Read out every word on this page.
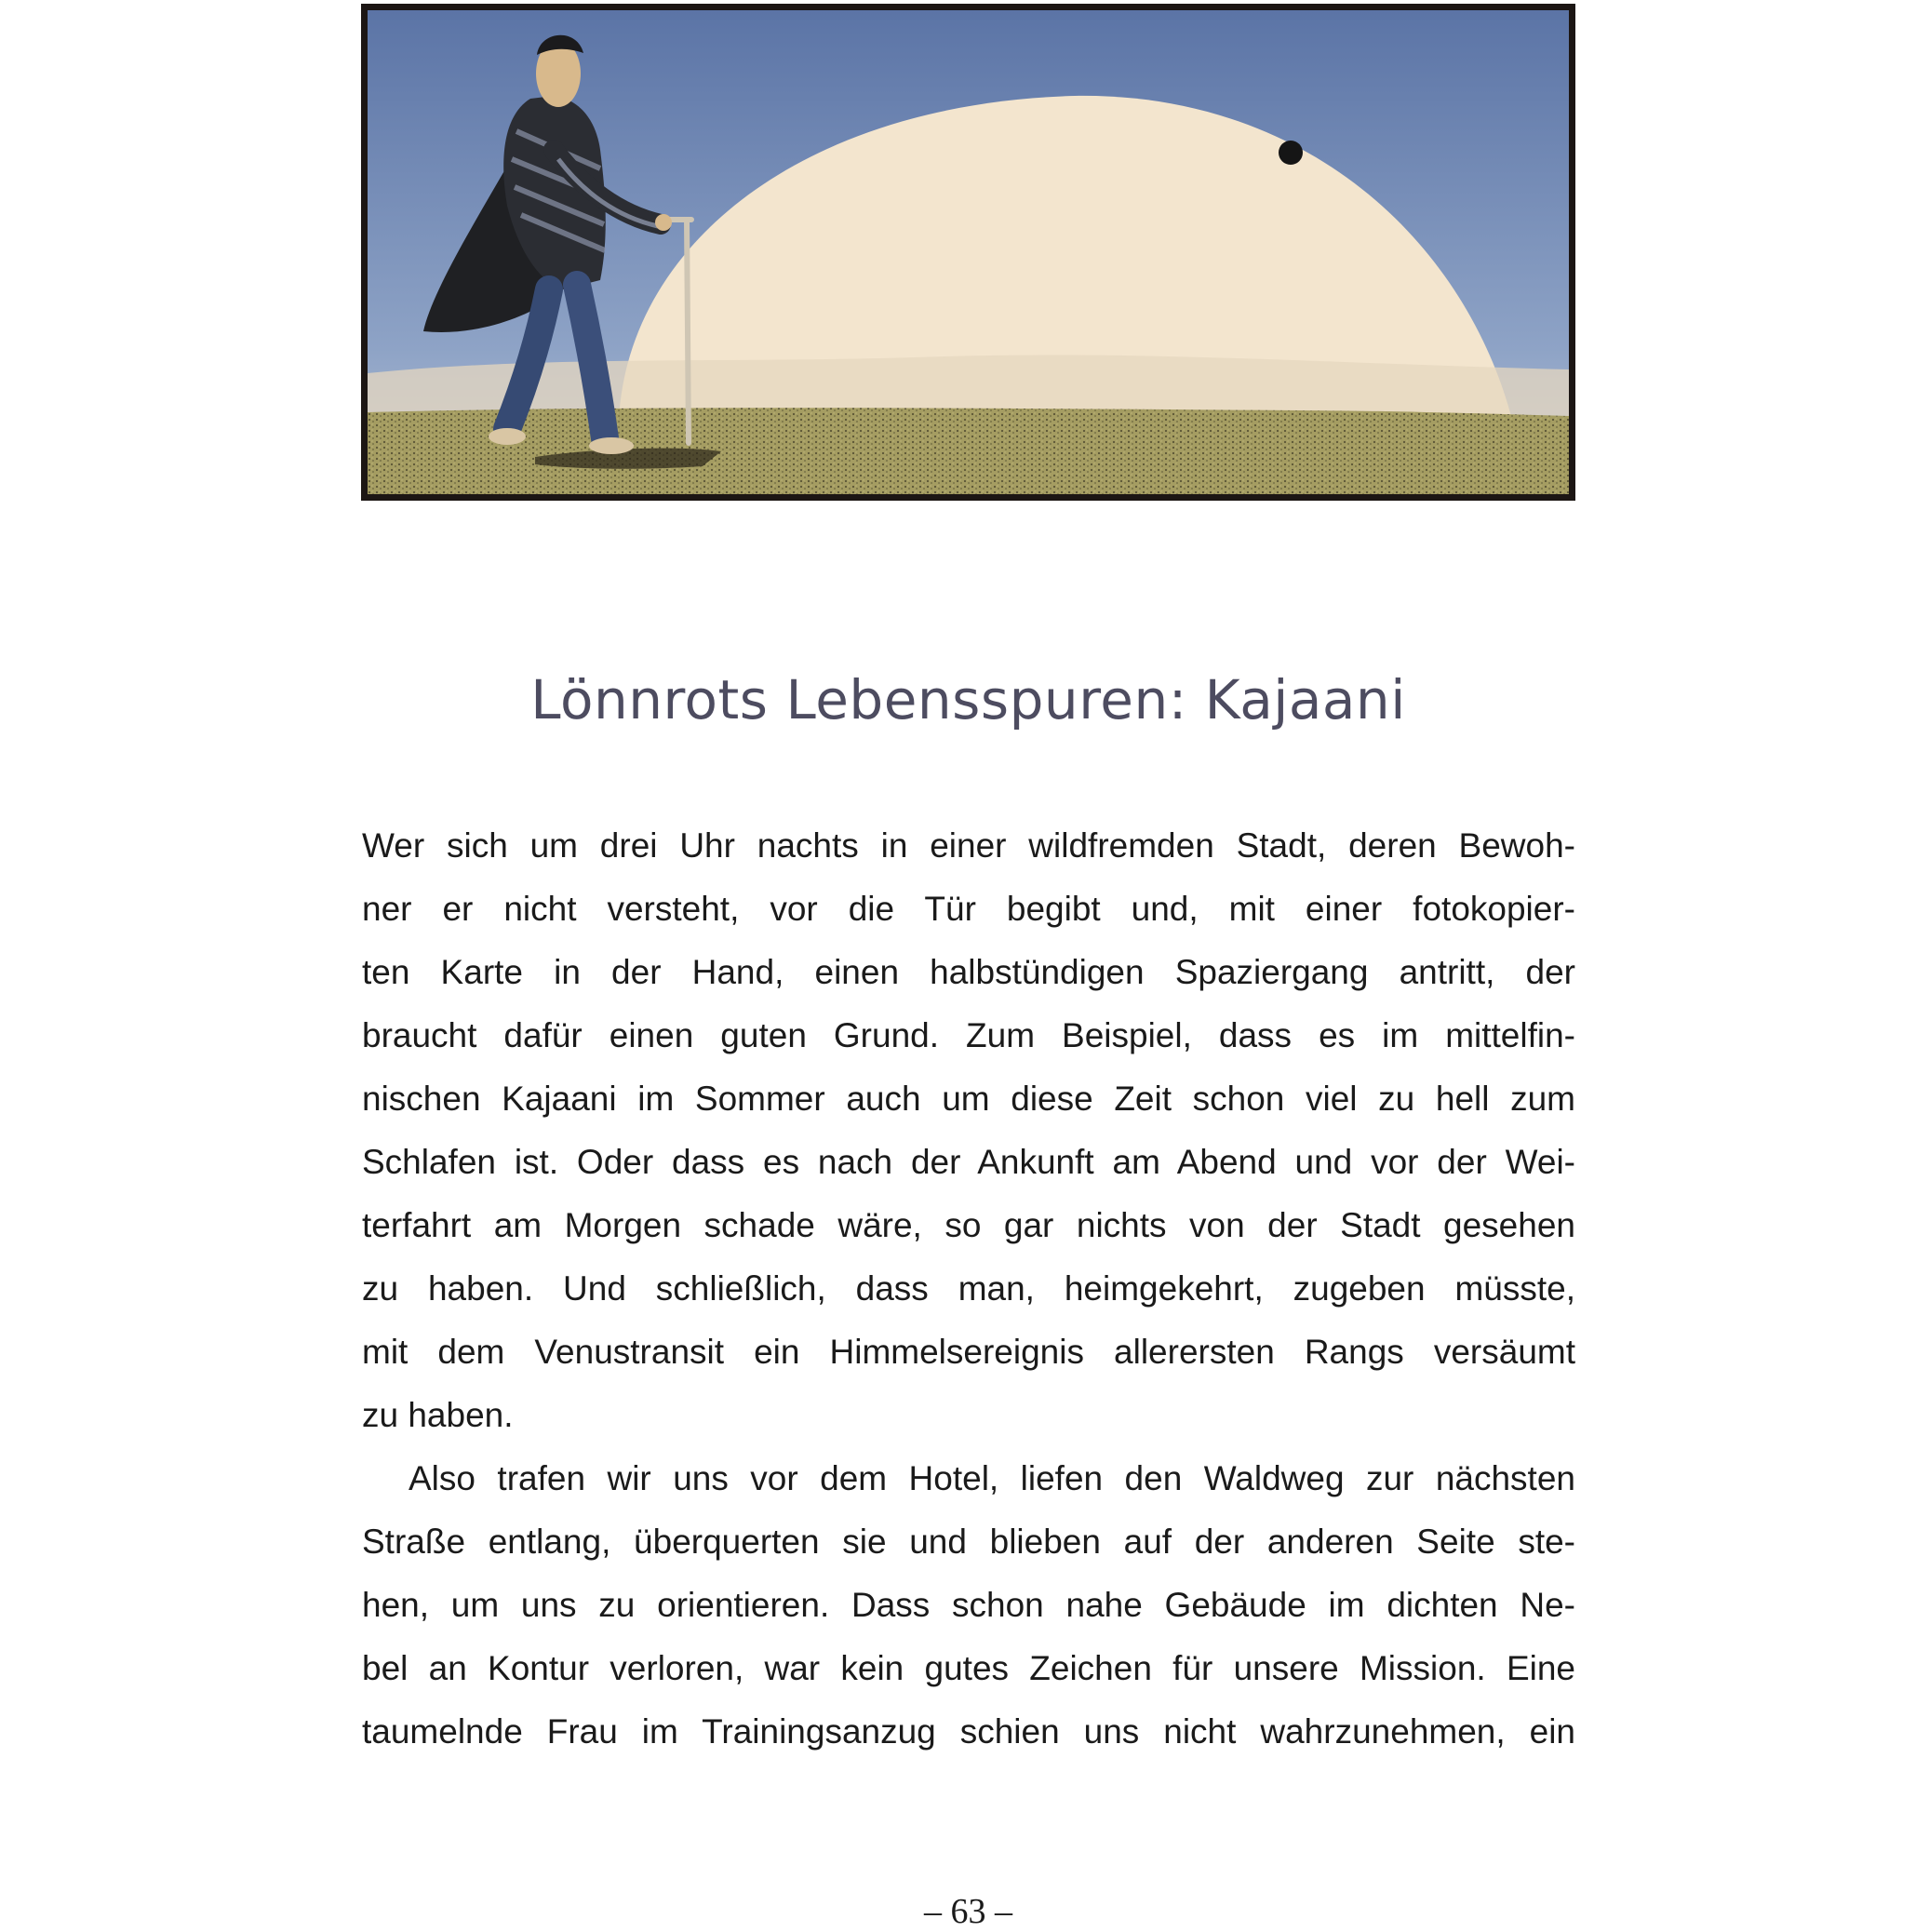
Lönnrots Lebensspuren: Kajaani
Wer sich um drei Uhr nachts in einer wildfremden Stadt, deren Bewoh-
ner er nicht versteht, vor die Tür begibt und, mit einer fotokopier-
ten Karte in der Hand, einen halbstündigen Spaziergang antritt, der
braucht dafür einen guten Grund. Zum Beispiel, dass es im mittelfin-
nischen Kajaani im Sommer auch um diese Zeit schon viel zu hell zum
Schlafen ist. Oder dass es nach der Ankunft am Abend und vor der Wei-
terfahrt am Morgen schade wäre, so gar nichts von der Stadt gesehen
zu haben. Und schließlich, dass man, heimgekehrt, zugeben müsste,
mit dem Venustransit ein Himmelsereignis allerersten Rangs versäumt
zu haben.
Also trafen wir uns vor dem Hotel, liefen den Waldweg zur nächsten
Straße entlang, überquerten sie und blieben auf der anderen Seite ste-
hen, um uns zu orientieren. Dass schon nahe Gebäude im dichten Ne-
bel an Kontur verloren, war kein gutes Zeichen für unsere Mission. Eine
taumelnde Frau im Trainingsanzug schien uns nicht wahrzunehmen, ein
– 63 –
